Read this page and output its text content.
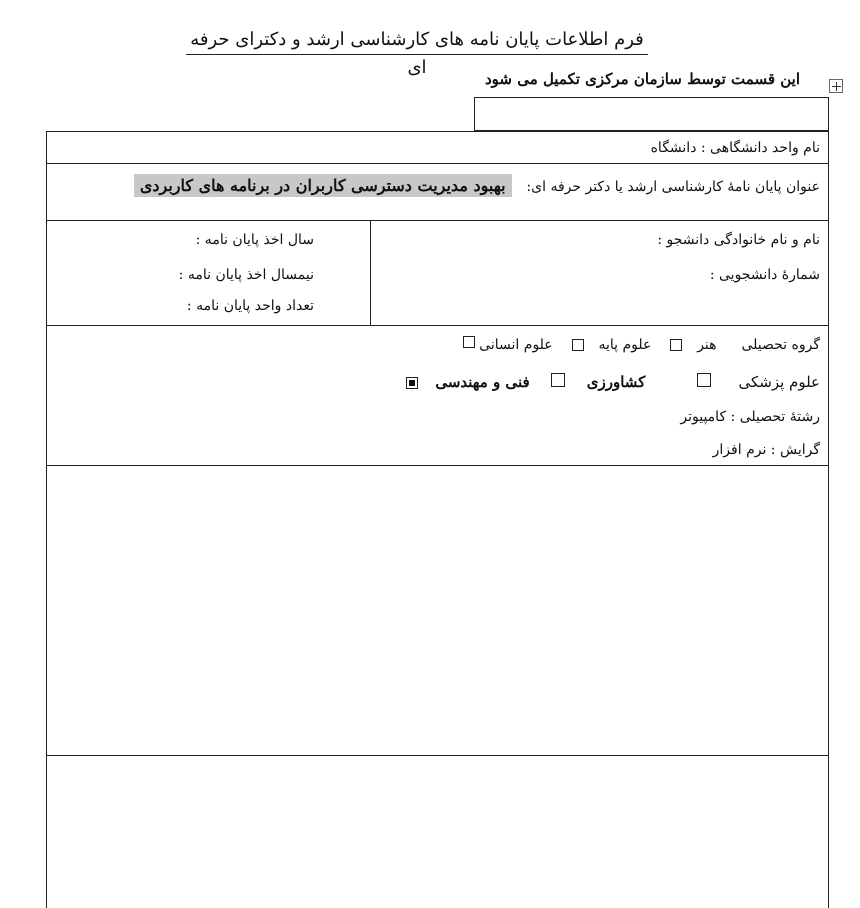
فرم اطلاعات پایان نامه های کارشناسی ارشد و دکترای حرفه ای
این قسمت توسط سازمان مرکزی تکمیل می شود
نام واحد دانشگاهی : دانشگاه
عنوان پایان نامهٔ کارشناسی ارشد یا دکتر حرفه ای:  بهبود مدیریت دسترسی کاربران در برنامه های کاربردی
نام و نام خانوادگی دانشجو :
شمارهٔ دانشجویی :
سال اخذ پایان نامه :
نیمسال اخذ پایان نامه :
تعداد واحد پایان نامه :
گروه تحصیلی  هنر    علوم پایه    علوم انسانی
علوم پزشکی    کشاورزی    فنی و مهندسی
رشتهٔ تحصیلی : کامپیوتر
گرایش : نرم افزار
